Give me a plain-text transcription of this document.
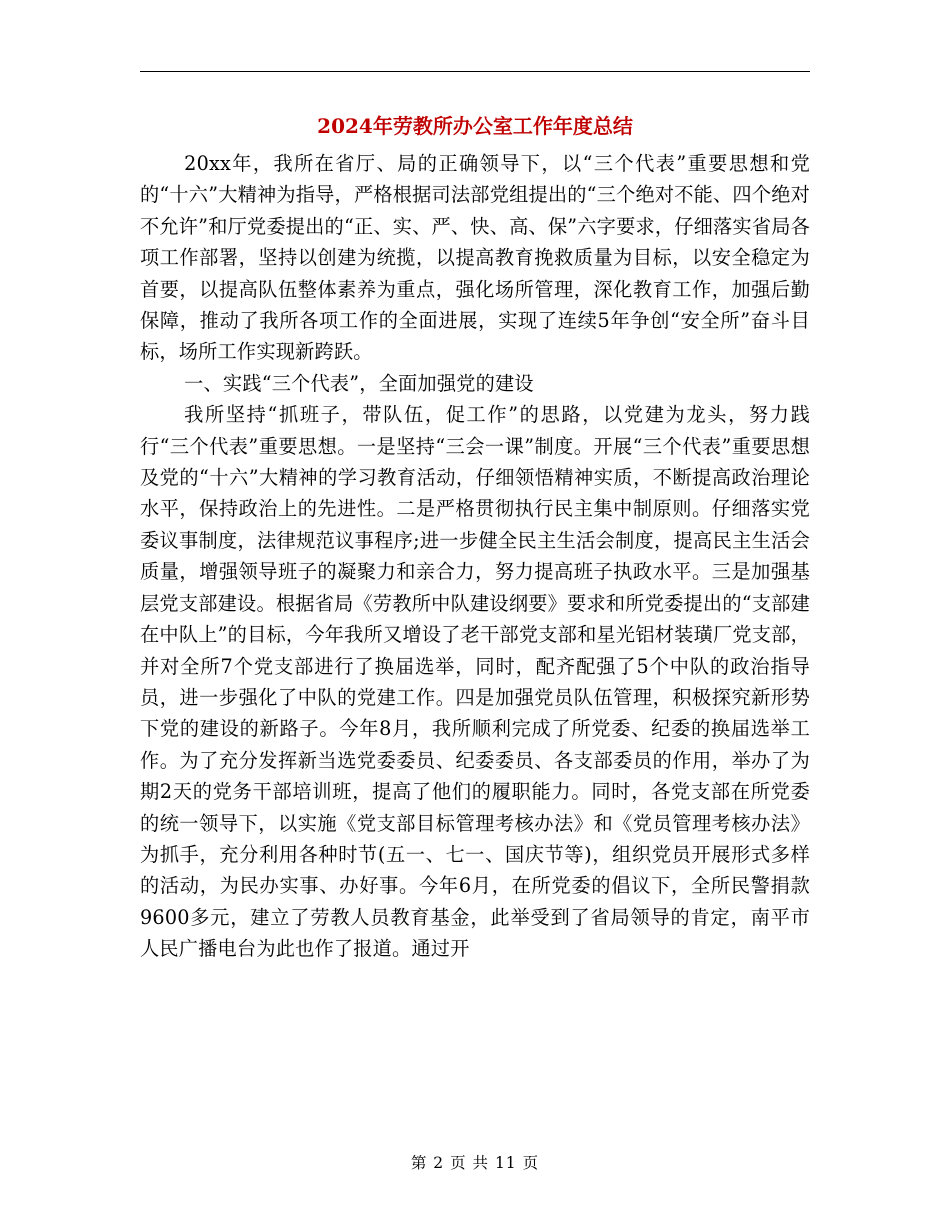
2024年劳教所办公室工作年度总结

20xx年，我所在省厅、局的正确领导下，以“三个代表”重要思想和党的“十六”大精神为指导，严格根据司法部党组提出的“三个绝对不能、四个绝对不允许”和厅党委提出的“正、实、严、快、高、保”六字要求，仔细落实省局各项工作部署，坚持以创建为统揽，以提高教育挽救质量为目标，以安全稳定为首要，以提高队伍整体素养为重点，强化场所管理，深化教育工作，加强后勤保障，推动了我所各项工作的全面进展，实现了连续5年争创“安全所”奋斗目标，场所工作实现新跨跃。

一、实践“三个代表”，全面加强党的建设

我所坚持“抓班子，带队伍，促工作”的思路，以党建为龙头，努力践行“三个代表”重要思想。一是坚持“三会一课”制度。开展“三个代表”重要思想及党的“十六”大精神的学习教育活动，仔细领悟精神实质，不断提高政治理论水平，保持政治上的先进性。二是严格贯彻执行民主集中制原则。仔细落实党委议事制度，法律规范议事程序;进一步健全民主生活会制度，提高民主生活会质量，增强领导班子的凝聚力和亲合力，努力提高班子执政水平。三是加强基层党支部建设。根据省局《劳教所中队建设纲要》要求和所党委提出的“支部建在中队上”的目标，今年我所又增设了老干部党支部和星光铝材装璜厂党支部，并对全所7个党支部进行了换届选举，同时，配齐配强了5个中队的政治指导员，进一步强化了中队的党建工作。四是加强党员队伍管理，积极探究新形势下党的建设的新路子。今年8月，我所顺利完成了所党委、纪委的换届选举工作。为了充分发挥新当选党委委员、纪委委员、各支部委员的作用，举办了为期2天的党务干部培训班，提高了他们的履职能力。同时，各党支部在所党委的统一领导下，以实施《党支部目标管理考核办法》和《党员管理考核办法》为抓手，充分利用各种时节(五一、七一、国庆节等)，组织党员开展形式多样的活动，为民办实事、办好事。今年6月，在所党委的倡议下，全所民警捐款9600多元，建立了劳教人员教育基金，此举受到了省局领导的肯定，南平市人民广播电台为此也作了报道。通过开

第 2 页 共 11 页
